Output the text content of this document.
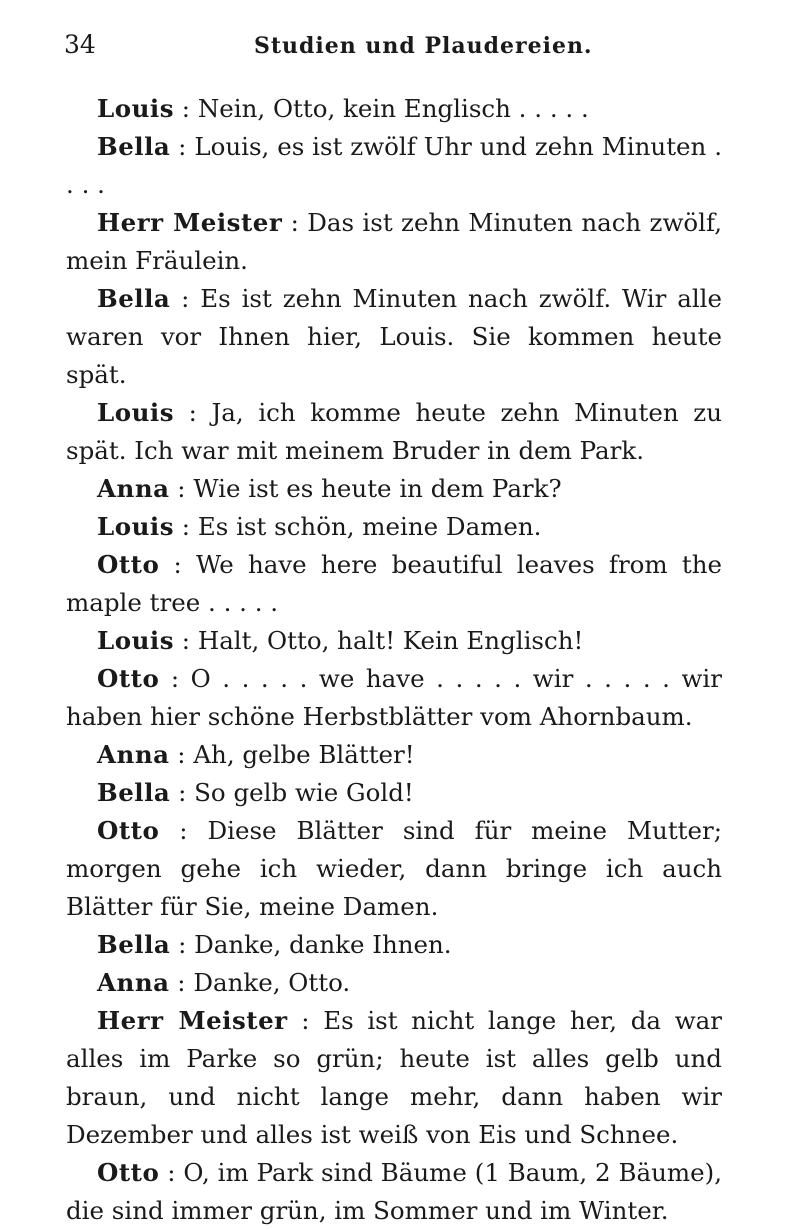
34	Studien und Plaudereien.

Louis : Nein, Otto, kein Englisch . . . . .

Bella : Louis, es ist zwölf Uhr und zehn Minuten . . . .

Herr Meister : Das ist zehn Minuten nach zwölf, mein Fräulein.

Bella : Es ist zehn Minuten nach zwölf. Wir alle waren vor Ihnen hier, Louis. Sie kommen heute spät.

Louis : Ja, ich komme heute zehn Minuten zu spät. Ich war mit meinem Bruder in dem Park.

Anna : Wie ist es heute in dem Park?

Louis : Es ist schön, meine Damen.

Otto : We have here beautiful leaves from the maple tree . . . . .

Louis : Halt, Otto, halt! Kein Englisch!

Otto : O . . . . . we have . . . . . wir . . . . . wir haben hier schöne Herbstblätter vom Ahornbaum.

Anna : Ah, gelbe Blätter!

Bella : So gelb wie Gold!

Otto : Diese Blätter sind für meine Mutter; morgen gehe ich wieder, dann bringe ich auch Blätter für Sie, meine Damen.

Bella : Danke, danke Ihnen.

Anna : Danke, Otto.

Herr Meister : Es ist nicht lange her, da war alles im Parke so grün; heute ist alles gelb und braun, und nicht lange mehr, dann haben wir Dezember und alles ist weiß von Eis und Schnee.

Otto : O, im Park sind Bäume (1 Baum, 2 Bäume), die sind immer grün, im Sommer und im Winter.
